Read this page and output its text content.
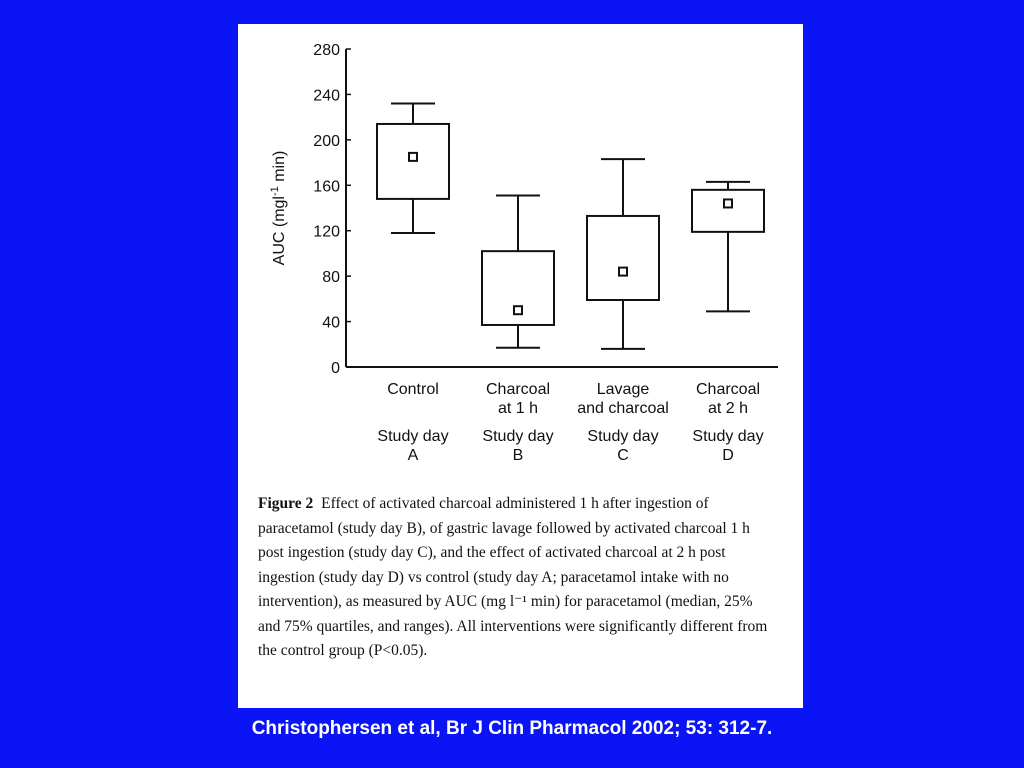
0
40
80
120
160
200
240
280
AUC (mgl$^{-1}$ min)
Control
Study day
A
Charcoal
at 1 h
Study day
B
Lavage
and charcoal
Study day
C
Charcoal
at 2 h
Study day
D
Figure 2 Effect of activated charcoal administered 1 h after ingestion of paracetamol (study day B), of gastric lavage followed by activated charcoal 1 h post ingestion (study day C), and the effect of activated charcoal at 2 h post ingestion (study day D) vs control (study day A; paracetamol intake with no intervention), as measured by AUC (mg l⁻¹ min) for paracetamol (median, 25% and 75% quartiles, and ranges). All interventions were significantly different from the control group (P<0.05).
Christophersen et al, Br J Clin Pharmacol 2002; 53: 312-7.
